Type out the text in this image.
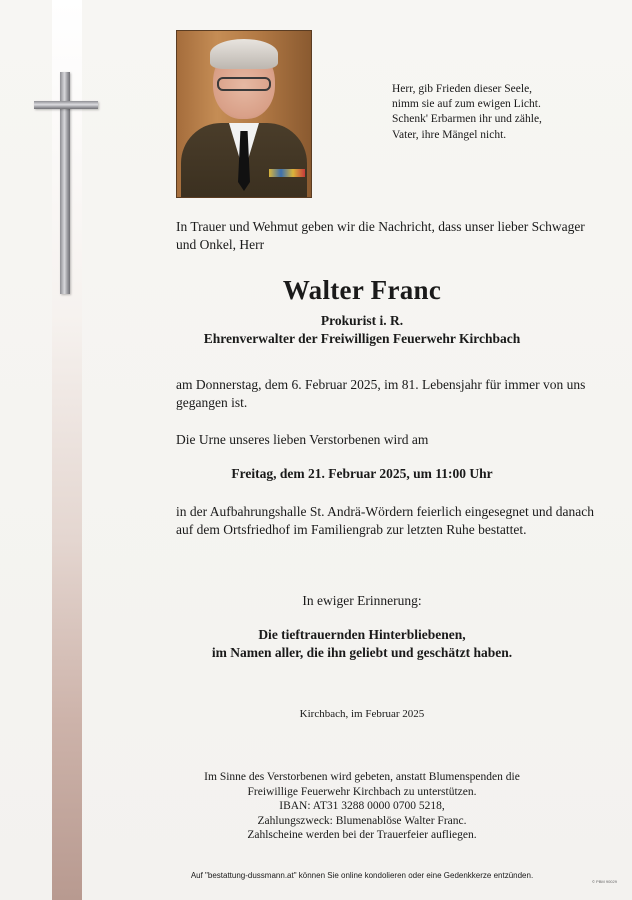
Herr, gib Frieden dieser Seele,
nimm sie auf zum ewigen Licht.
Schenk' Erbarmen ihr und zähle,
Vater, ihre Mängel nicht.

In Trauer und Wehmut geben wir die Nachricht, dass unser lieber Schwager und Onkel, Herr

Walter Franc

Prokurist i. R.

Ehrenverwalter der Freiwilligen Feuerwehr Kirchbach

am Donnerstag, dem 6. Februar 2025, im 81. Lebensjahr für immer von uns gegangen ist.

Die Urne unseres lieben Verstorbenen wird am

Freitag, dem 21. Februar 2025, um 11:00 Uhr

in der Aufbahrungshalle St. Andrä-Wördern feierlich eingesegnet und danach auf dem Ortsfriedhof im Familiengrab zur letzten Ruhe bestattet.

In ewiger Erinnerung:

Die tieftrauernden Hinterbliebenen,
im Namen aller, die ihn geliebt und geschätzt haben.

Kirchbach, im Februar 2025

Im Sinne des Verstorbenen wird gebeten, anstatt Blumenspenden die
Freiwillige Feuerwehr Kirchbach zu unterstützen.
IBAN: AT31 3288 0000 0700 5218,
Zahlungszweck: Blumenablöse Walter Franc.
Zahlscheine werden bei der Trauerfeier aufliegen.

Auf "bestattung-dussmann.at" können Sie online kondolieren oder eine Gedenkkerze entzünden.

© PBM 90029
